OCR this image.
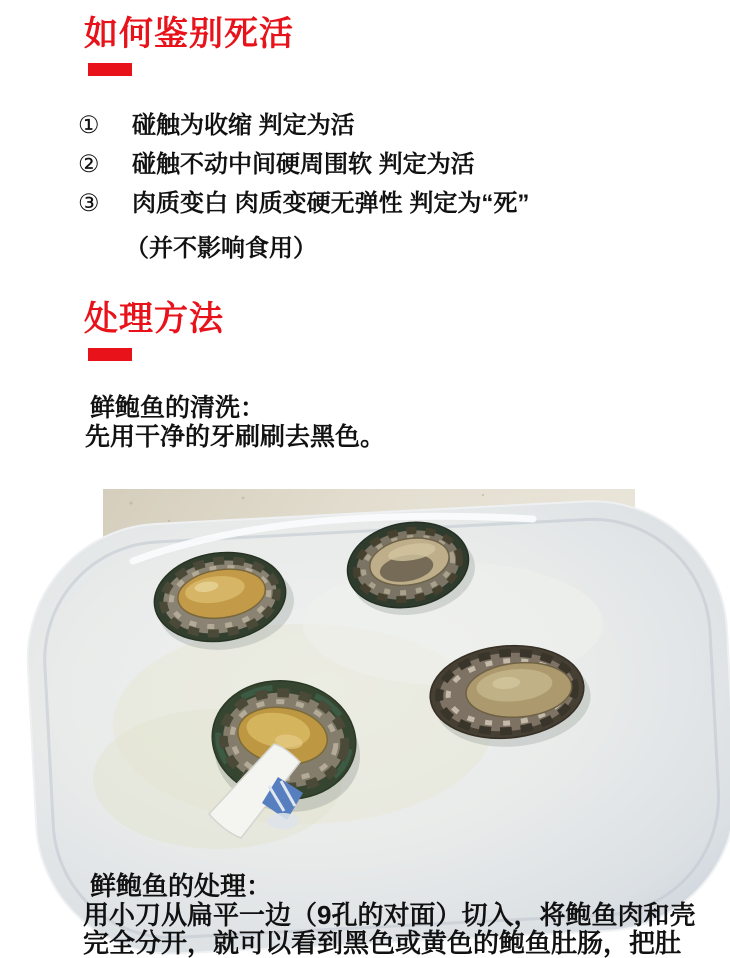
如何鉴别死活
①	碰触为收缩 判定为活
②	碰触不动中间硬周围软 判定为活
③	肉质变白 肉质变硬无弹性 判定为“死”
（并不影响食用）
处理方法
鲜鲍鱼的清洗：
先用干净的牙刷刷去黑色。
鲜鲍鱼的处理：
用小刀从扁平一边（9孔的对面）切入，将鲍鱼肉和壳
完全分开，就可以看到黑色或黄色的鲍鱼肚肠，把肚
